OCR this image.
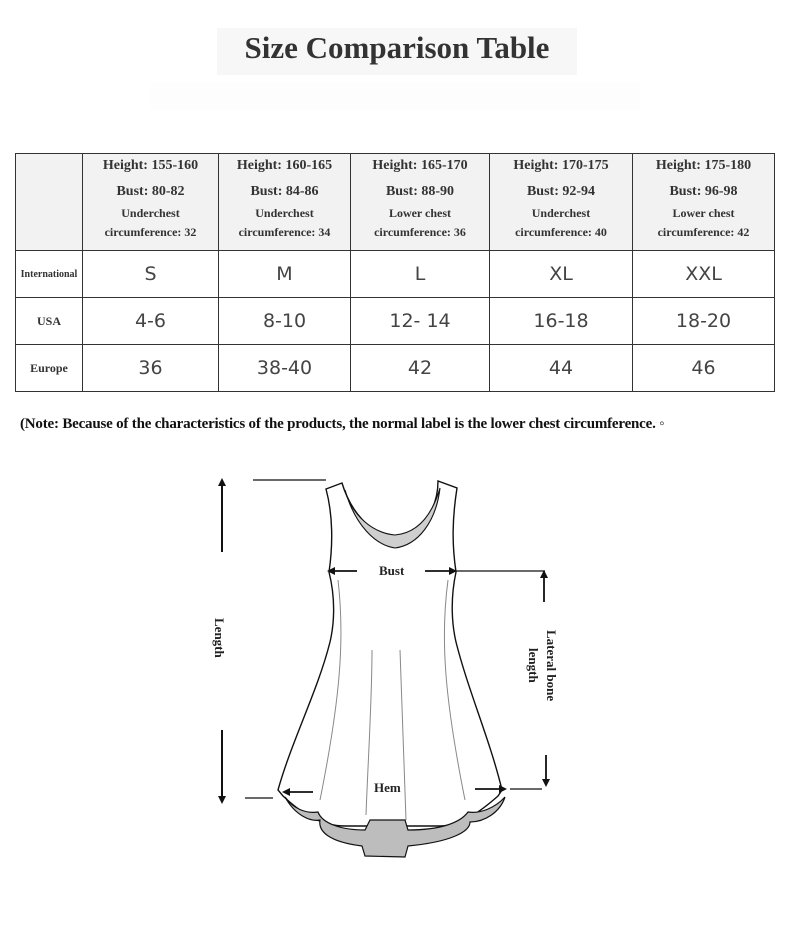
Size Comparison Table

	Height: 155-160
Bust: 80-82
Underchest
circumference: 32	Height: 160-165
Bust: 84-86
Underchest
circumference: 34	Height: 165-170
Bust: 88-90
Lower chest
circumference: 36	Height: 170-175
Bust: 92-94
Underchest
circumference: 40	Height: 175-180
Bust: 96-98
Lower chest
circumference: 42

International	S	M	L	XL	XXL
USA	4-6	8-10	12- 14	16-18	18-20
Europe	36	38-40	42	44	46
(Note: Because of the characteristics of the products, the normal label is the lower chest circumference. ◦
Length
Bust
Lateral bone
length
Hem
